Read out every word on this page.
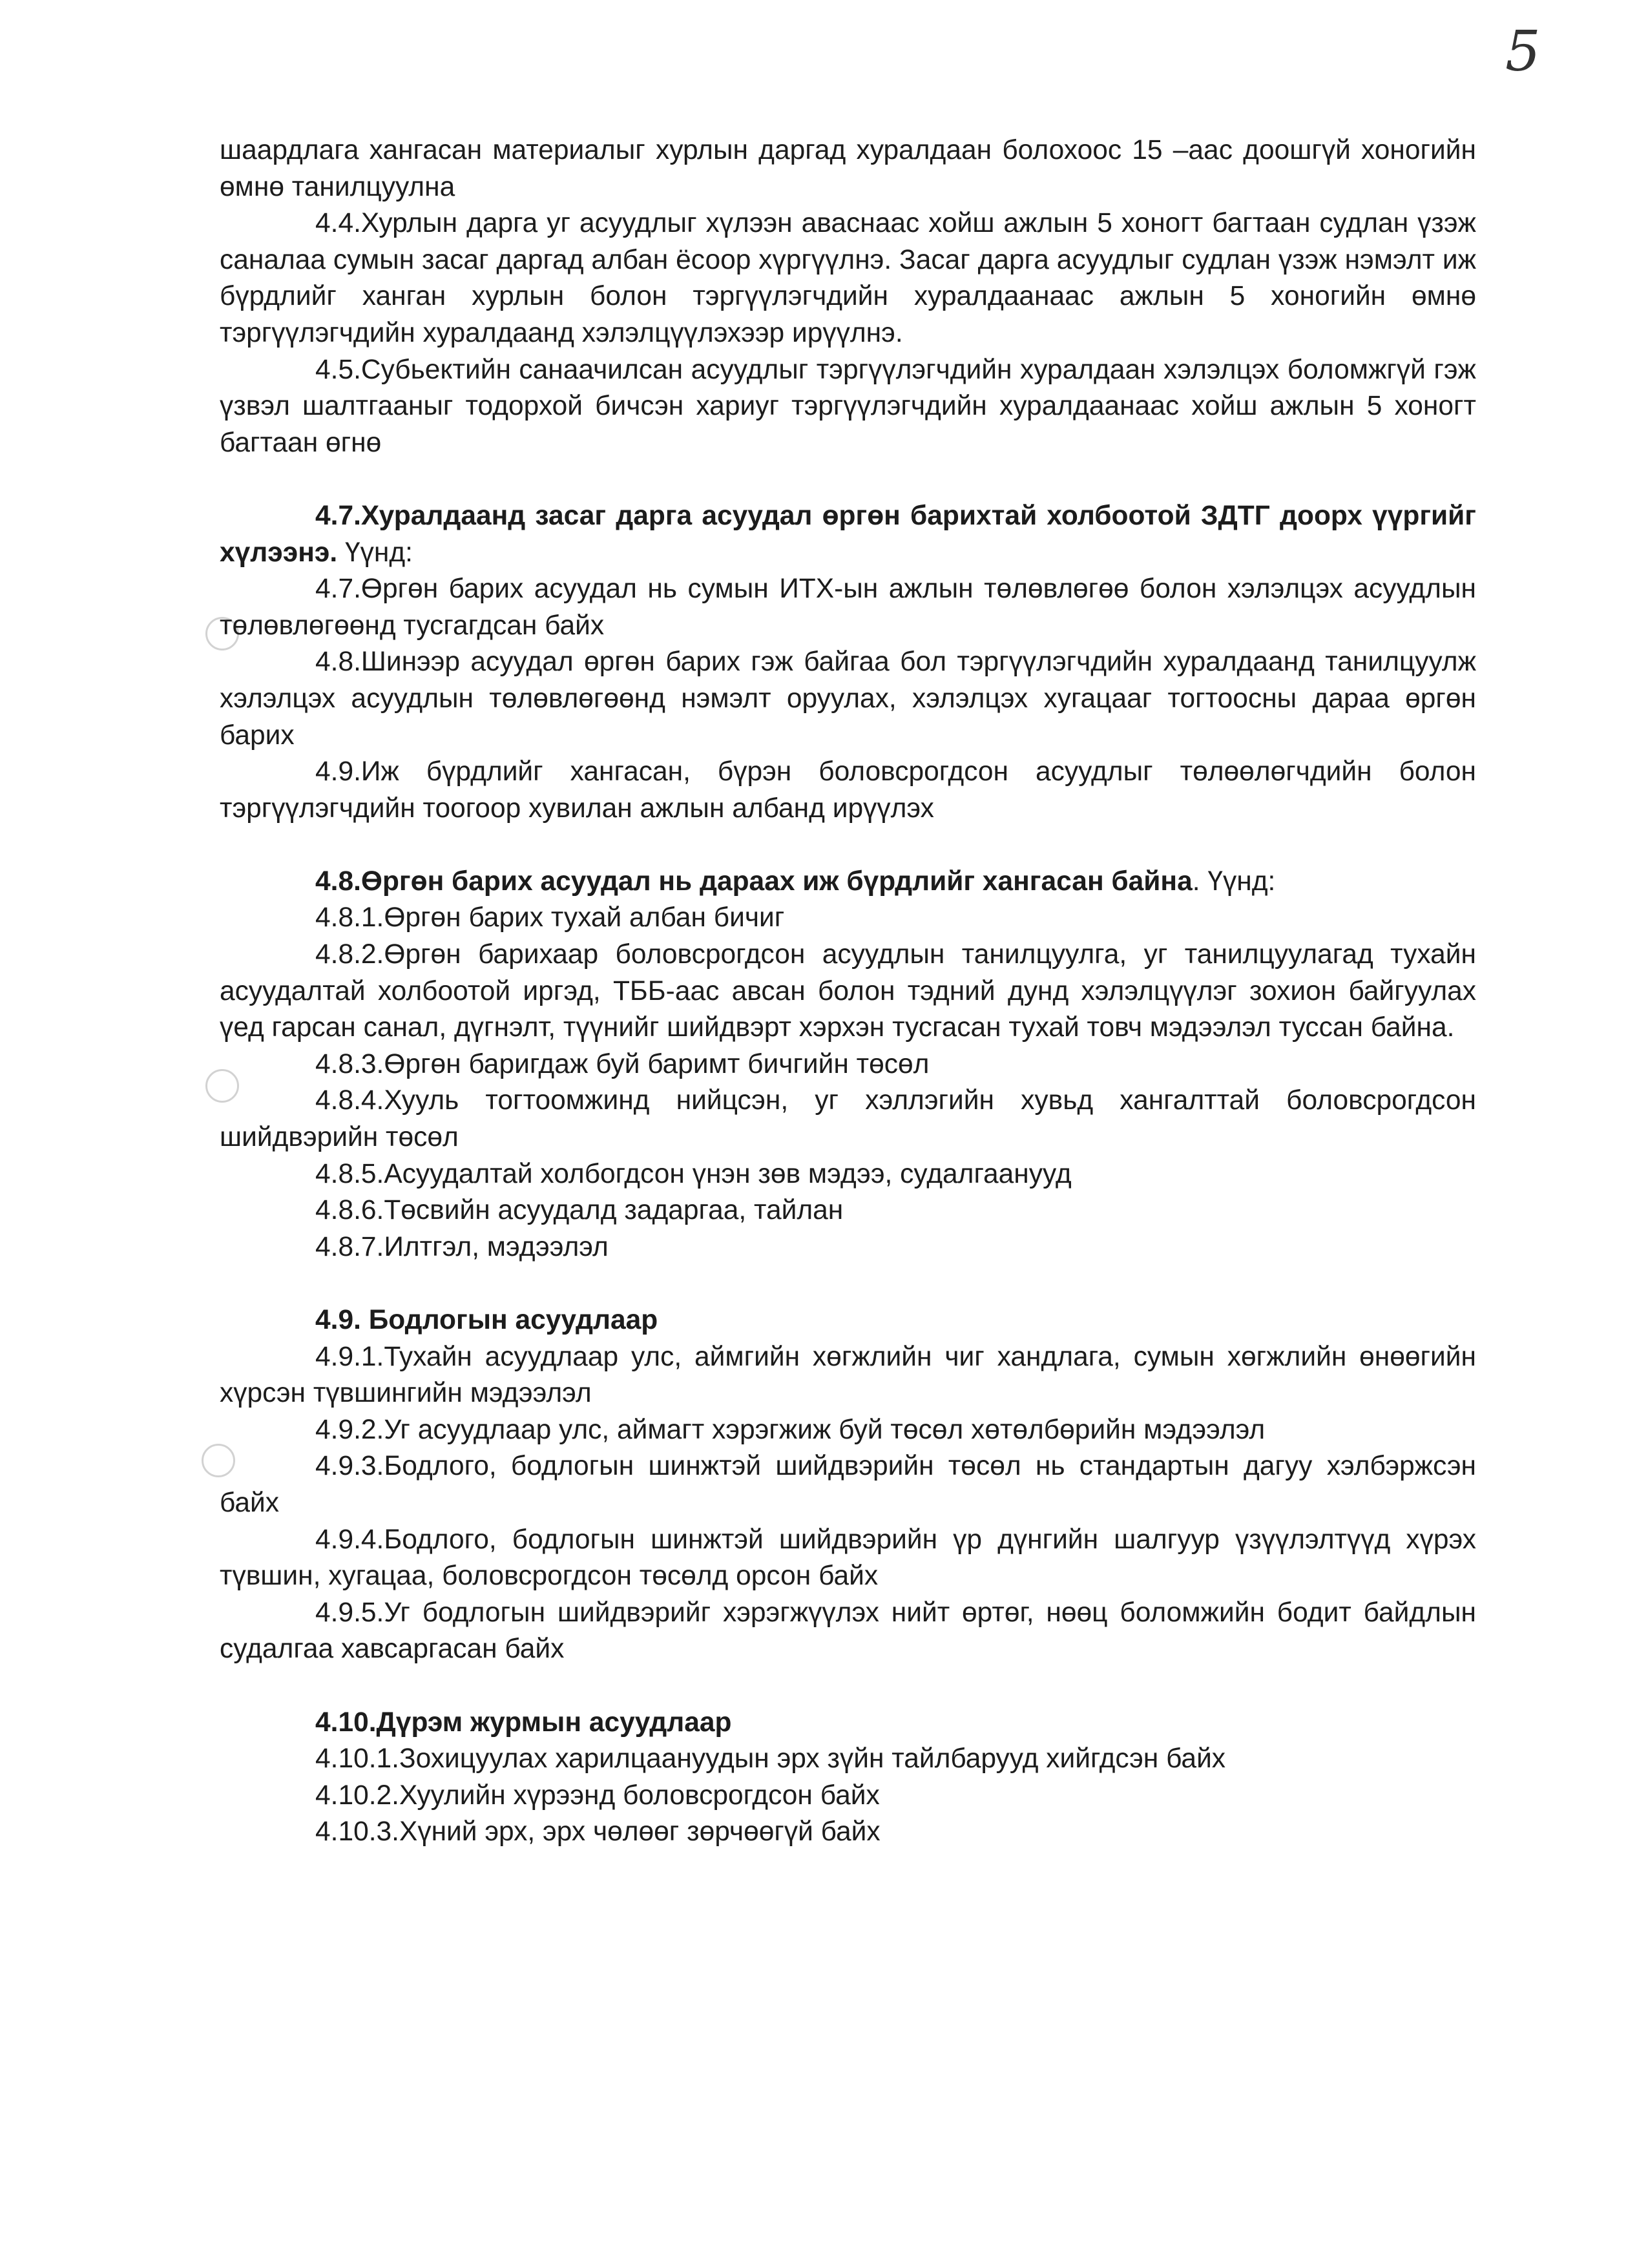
5

шаардлага хангасан материалыг хурлын даргад хуралдаан болохоос 15 –аас доошгүй хоногийн өмнө танилцуулна

4.4.Хурлын дарга уг асуудлыг хүлээн аваснаас хойш ажлын 5 хоногт багтаан судлан үзэж саналаа сумын засаг даргад албан ёсоор хүргүүлнэ. Засаг дарга асуудлыг судлан үзэж нэмэлт иж бүрдлийг ханган хурлын болон тэргүүлэгчдийн хуралдаанаас ажлын 5 хоногийн өмнө тэргүүлэгчдийн хуралдаанд хэлэлцүүлэхээр ирүүлнэ.

4.5.Субьектийн санаачилсан асуудлыг тэргүүлэгчдийн хуралдаан хэлэлцэх боломжгүй гэж үзвэл шалтгааныг тодорхой бичсэн хариуг тэргүүлэгчдийн хуралдаанаас хойш ажлын 5 хоногт багтаан өгнө

4.7.Хуралдаанд засаг дарга асуудал өргөн барихтай холбоотой ЗДТГ доорх үүргийг хүлээнэ. Үүнд:

4.7.Өргөн барих асуудал нь сумын ИТХ-ын ажлын төлөвлөгөө болон хэлэлцэх асуудлын төлөвлөгөөнд тусгагдсан байх

4.8.Шинээр асуудал өргөн барих гэж байгаа бол тэргүүлэгчдийн хуралдаанд танилцуулж хэлэлцэх асуудлын төлөвлөгөөнд нэмэлт оруулах, хэлэлцэх хугацааг тогтоосны дараа өргөн барих

4.9.Иж бүрдлийг хангасан, бүрэн боловсрогдсон асуудлыг төлөөлөгчдийн болон тэргүүлэгчдийн тоогоор хувилан ажлын албанд ирүүлэх

4.8.Өргөн барих асуудал нь дараах иж бүрдлийг хангасан байна. Үүнд:

4.8.1.Өргөн барих тухай албан бичиг

4.8.2.Өргөн барихаар боловсрогдсон асуудлын танилцуулга, уг танилцуулагад тухайн асуудалтай холбоотой иргэд, ТББ-аас авсан болон тэдний дунд хэлэлцүүлэг зохион байгуулах үед гарсан санал, дүгнэлт, түүнийг шийдвэрт хэрхэн тусгасан тухай товч мэдээлэл туссан байна.

4.8.3.Өргөн баригдаж буй баримт бичгийн төсөл

4.8.4.Хууль тогтоомжинд нийцсэн, уг хэллэгийн хувьд хангалттай боловсрогдсон шийдвэрийн төсөл

4.8.5.Асуудалтай холбогдсон үнэн зөв мэдээ, судалгаанууд

4.8.6.Төсвийн асуудалд задаргаа, тайлан

4.8.7.Илтгэл, мэдээлэл

4.9. Бодлогын асуудлаар

4.9.1.Тухайн асуудлаар улс, аймгийн хөгжлийн чиг хандлага, сумын хөгжлийн өнөөгийн хүрсэн түвшингийн мэдээлэл

4.9.2.Уг асуудлаар улс, аймагт хэрэгжиж буй төсөл хөтөлбөрийн мэдээлэл

4.9.3.Бодлого, бодлогын шинжтэй шийдвэрийн төсөл нь стандартын дагуу хэлбэржсэн байх

4.9.4.Бодлого, бодлогын шинжтэй шийдвэрийн үр дүнгийн шалгуур үзүүлэлтүүд хүрэх түвшин, хугацаа, боловсрогдсон төсөлд орсон байх

4.9.5.Уг бодлогын шийдвэрийг хэрэгжүүлэх нийт өртөг, нөөц боломжийн бодит байдлын судалгаа хавсаргасан байх

4.10.Дүрэм журмын асуудлаар

4.10.1.Зохицуулах харилцаануудын эрх зүйн тайлбарууд хийгдсэн байх

4.10.2.Хуулийн хүрээнд боловсрогдсон байх

4.10.3.Хүний эрх, эрх чөлөөг зөрчөөгүй байх
